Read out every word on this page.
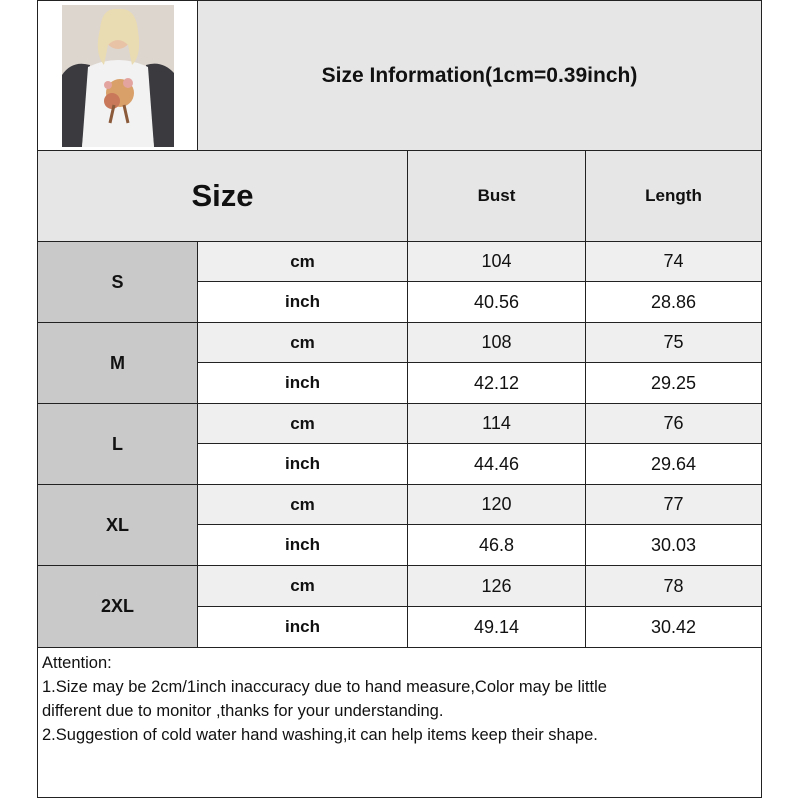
Size Information(1cm=0.39inch)
Size	Bust	Length
S
cm	104	74
inch	40.56	28.86
M
cm	108	75
inch	42.12	29.25
L
cm	114	76
inch	44.46	29.64
XL
cm	120	77
inch	46.8	30.03
2XL
cm	126	78
inch	49.14	30.42
Attention:
1.Size may be 2cm/1inch inaccuracy due to hand measure,Color may be little
different due to monitor ,thanks for your understanding.
2.Suggestion of cold water hand washing,it can help items keep their shape.
